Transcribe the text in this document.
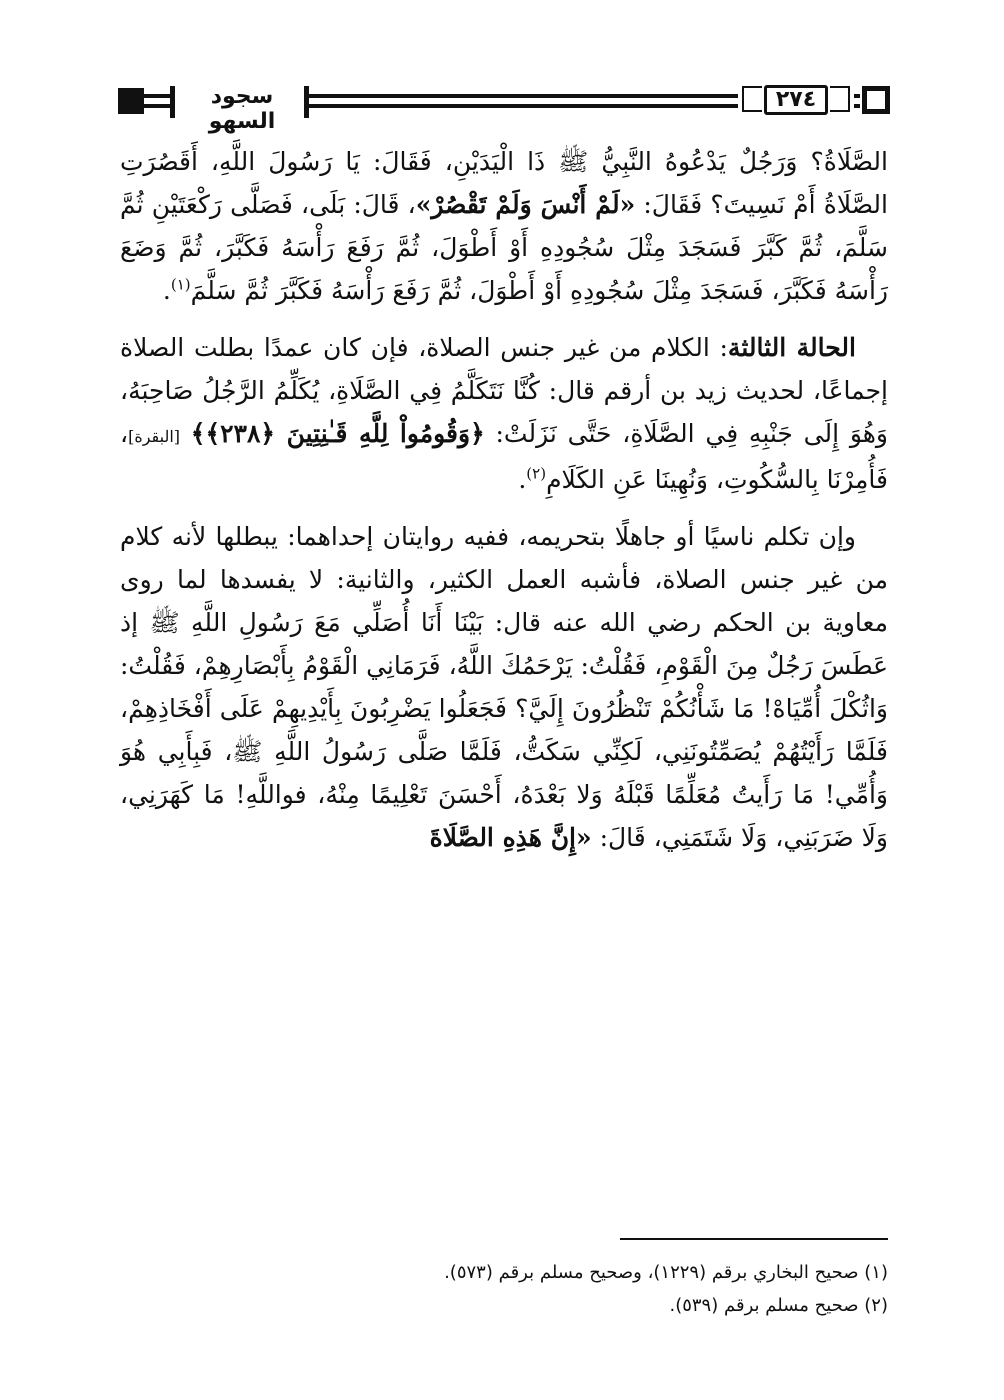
سجود السهو
٢٧٤

الصَّلَاةُ؟ وَرَجُلٌ يَدْعُوهُ النَّبِيُّ ﷺ ذَا الْيَدَيْنِ، فَقَالَ: يَا رَسُولَ اللَّهِ، أَقَصُرَتِ الصَّلَاةُ أَمْ نَسِيتَ؟ فَقَالَ: «لَمْ أَنْسَ وَلَمْ تَقْصُرْ»، قَالَ: بَلَى، فَصَلَّى رَكْعَتَيْنِ ثُمَّ سَلَّمَ، ثُمَّ كَبَّرَ فَسَجَدَ مِثْلَ سُجُودِهِ أَوْ أَطْوَلَ، ثُمَّ رَفَعَ رَأْسَهُ فَكَبَّرَ، ثُمَّ وَضَعَ رَأْسَهُ فَكَبَّرَ، فَسَجَدَ مِثْلَ سُجُودِهِ أَوْ أَطْوَلَ، ثُمَّ رَفَعَ رَأْسَهُ فَكَبَّرَ ثُمَّ سَلَّمَ$^{(١)}$.

الحالة الثالثة: الكلام من غير جنس الصلاة، فإن كان عمدًا بطلت الصلاة إجماعًا، لحديث زيد بن أرقم قال: كُنَّا نَتَكَلَّمُ فِي الصَّلَاةِ، يُكَلِّمُ الرَّجُلُ صَاحِبَهُ، وَهُوَ إِلَى جَنْبِهِ فِي الصَّلَاةِ، حَتَّى نَزَلَتْ: ﴿وَقُومُواْ لِلَّهِ قَـٰنِتِينَ ﴿٢٣٨﴾﴾ [البقرة]، فَأُمِرْنَا بِالسُّكُوتِ، وَنُهِينَا عَنِ الكَلَامِ$^{(٢)}$.

وإن تكلم ناسيًا أو جاهلًا بتحريمه، ففيه روايتان إحداهما: يبطلها لأنه كلام من غير جنس الصلاة، فأشبه العمل الكثير، والثانية: لا يفسدها لما روى معاوية بن الحكم رضي الله عنه قال: بَيْنَا أَنَا أُصَلِّي مَعَ رَسُولِ اللَّهِ ﷺ إذ عَطَسَ رَجُلٌ مِنَ الْقَوْمِ، فَقُلْتُ: يَرْحَمُكَ اللَّهُ، فَرَمَانِي الْقَوْمُ بِأَبْصَارِهِمْ، فَقُلْتُ: وَاثُكْلَ أُمِّيَاهْ! مَا شَأْنُكُمْ تَنْظُرُونَ إِلَيَّ؟ فَجَعَلُوا يَضْرِبُونَ بِأَيْدِيهِمْ عَلَى أَفْخَاذِهِمْ، فَلَمَّا رَأَيْتُهُمْ يُصَمِّتُونَنِي، لَكِنِّي سَكَتُّ، فَلَمَّا صَلَّى رَسُولُ اللَّهِ ﷺ، فَبِأَبِي هُوَ وَأُمِّي! مَا رَأَيتُ مُعَلِّمًا قَبْلَهُ وَلا بَعْدَهُ، أَحْسَنَ تَعْلِيمًا مِنْهُ، فواللَّهِ! مَا كَهَرَنِي، وَلَا ضَرَبَنِي، وَلَا شَتَمَنِي، قَالَ: «إِنَّ هَذِهِ الصَّلَاةَ

(١) صحيح البخاري برقم (١٢٢٩)، وصحيح مسلم برقم (٥٧٣).
(٢) صحيح مسلم برقم (٥٣٩).
